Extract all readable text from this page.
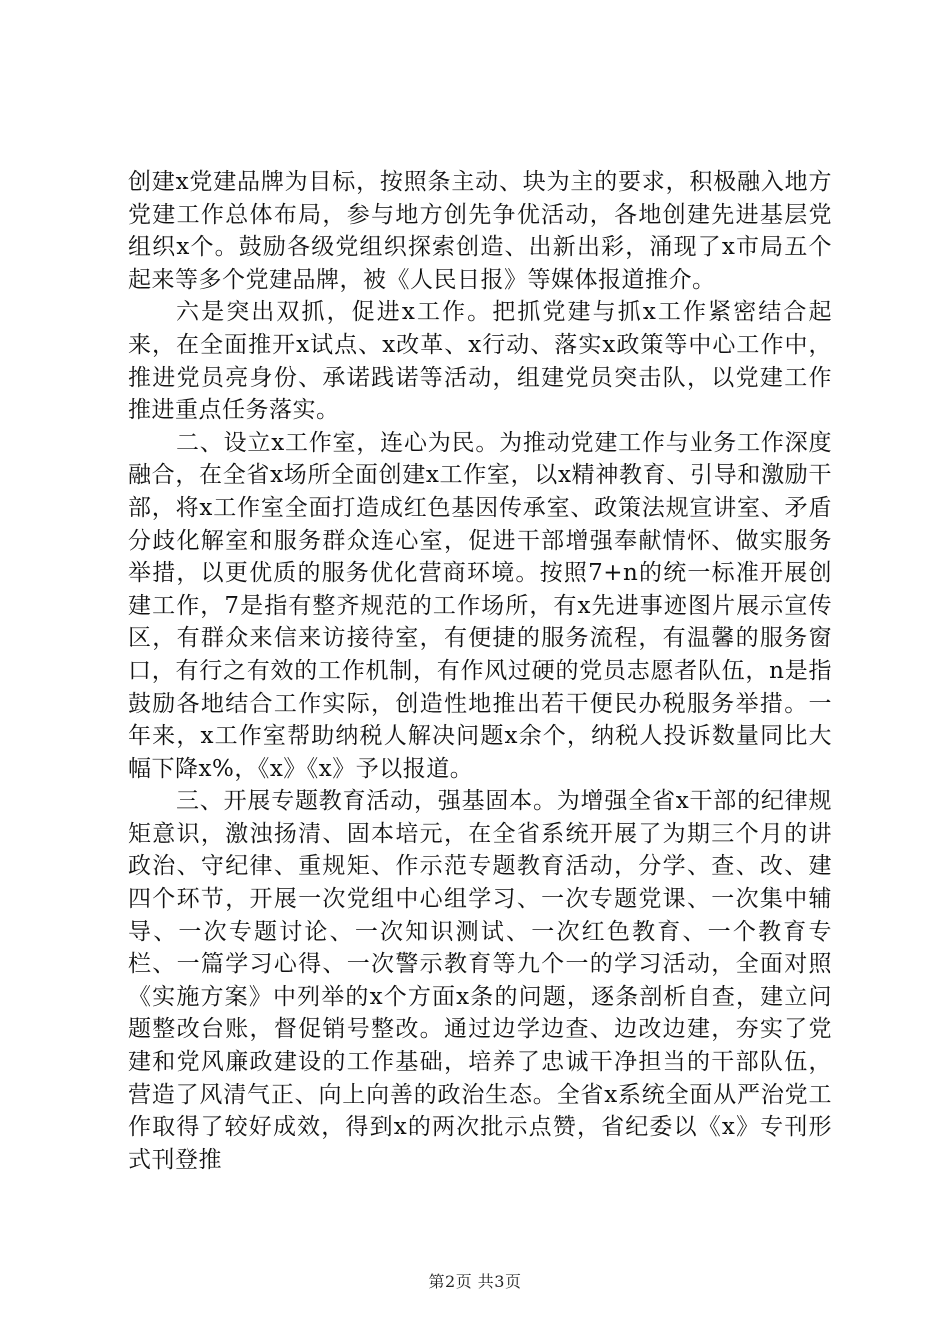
创建x党建品牌为目标，按照条主动、块为主的要求，积极融入地方党建工作总体布局，参与地方创先争优活动，各地创建先进基层党组织x个。鼓励各级党组织探索创造、出新出彩，涌现了x市局五个起来等多个党建品牌，被《人民日报》等媒体报道推介。

六是突出双抓，促进x工作。把抓党建与抓x工作紧密结合起来，在全面推开x试点、x改革、x行动、落实x政策等中心工作中，推进党员亮身份、承诺践诺等活动，组建党员突击队，以党建工作推进重点任务落实。

二、设立x工作室，连心为民。为推动党建工作与业务工作深度融合，在全省x场所全面创建x工作室，以x精神教育、引导和激励干部，将x工作室全面打造成红色基因传承室、政策法规宣讲室、矛盾分歧化解室和服务群众连心室，促进干部增强奉献情怀、做实服务举措，以更优质的服务优化营商环境。按照7+n的统一标准开展创建工作，7是指有整齐规范的工作场所，有x先进事迹图片展示宣传区，有群众来信来访接待室，有便捷的服务流程，有温馨的服务窗口，有行之有效的工作机制，有作风过硬的党员志愿者队伍，n是指鼓励各地结合工作实际，创造性地推出若干便民办税服务举措。一年来，x工作室帮助纳税人解决问题x余个，纳税人投诉数量同比大幅下降x%，《x》《x》予以报道。

三、开展专题教育活动，强基固本。为增强全省x干部的纪律规矩意识，激浊扬清、固本培元，在全省系统开展了为期三个月的讲政治、守纪律、重规矩、作示范专题教育活动，分学、查、改、建四个环节，开展一次党组中心组学习、一次专题党课、一次集中辅导、一次专题讨论、一次知识测试、一次红色教育、一个教育专栏、一篇学习心得、一次警示教育等九个一的学习活动，全面对照《实施方案》中列举的x个方面x条的问题，逐条剖析自查，建立问题整改台账，督促销号整改。通过边学边查、边改边建，夯实了党建和党风廉政建设的工作基础，培养了忠诚干净担当的干部队伍，营造了风清气正、向上向善的政治生态。全省x系统全面从严治党工作取得了较好成效，得到x的两次批示点赞，省纪委以《x》专刊形式刊登推

第2页 共3页
